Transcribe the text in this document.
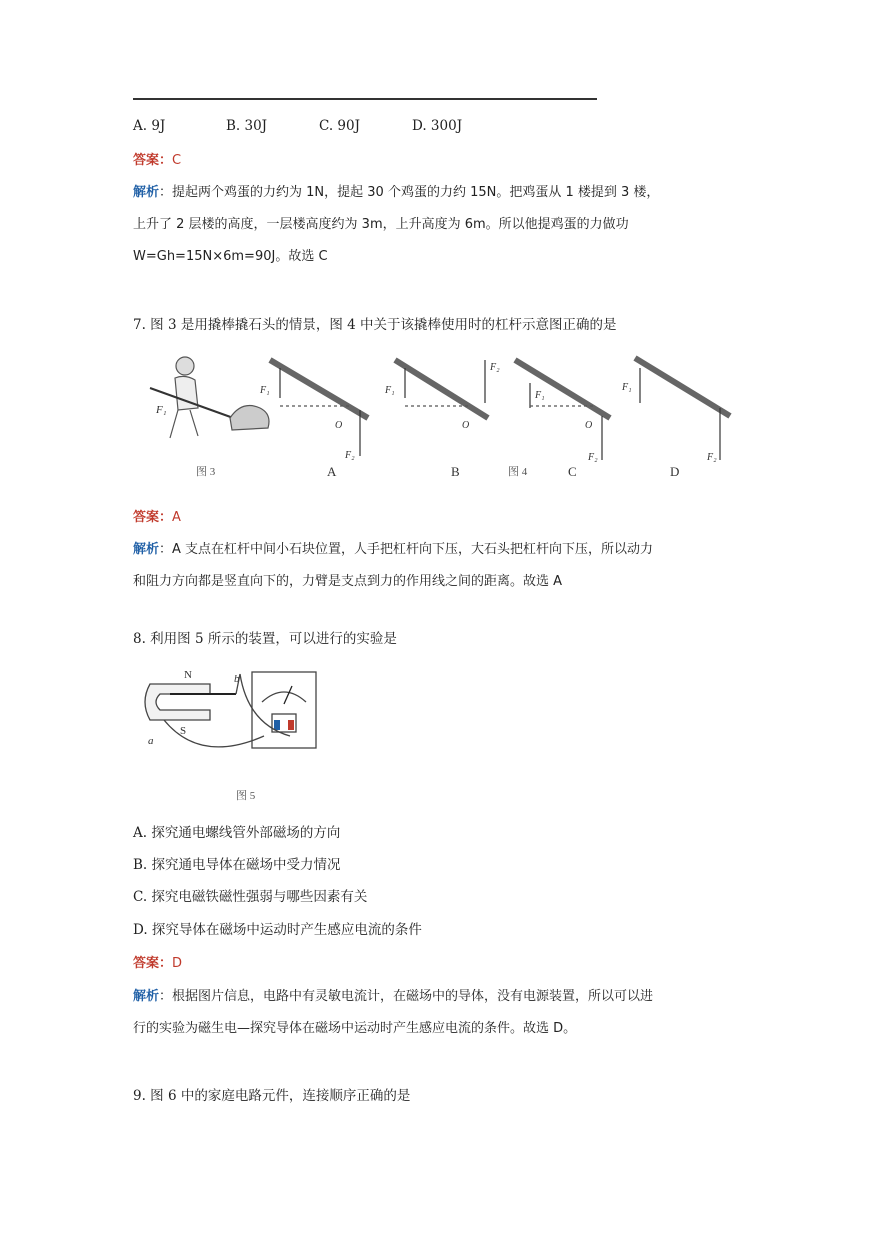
A. 9J	B. 30J	C. 90J	D. 300J
答案：C
解析：提起两个鸡蛋的力约为 1N，提起 30 个鸡蛋的力约 15N。把鸡蛋从 1 楼提到 3 楼，
上升了 2 层楼的高度，一层楼高度约为 3m，上升高度为 6m。所以他提鸡蛋的力做功
W=Gh=15N×6m=90J。故选 C
7. 图 3 是用撬棒撬石头的情景，图 4 中关于该撬棒使用时的杠杆示意图正确的是
F₁
F₁
F₂
O
F₁
F₂
O
F₁
F₂
O
F₁
F₂
图 3	A	B	图 4	C	D
答案：A
解析：A 支点在杠杆中间小石块位置，人手把杠杆向下压，大石头把杠杆向下压，所以动力
和阻力方向都是竖直向下的，力臂是支点到力的作用线之间的距离。故选 A
8. 利用图 5 所示的装置，可以进行的实验是
N
S
b
a
图 5
A. 探究通电螺线管外部磁场的方向
B. 探究通电导体在磁场中受力情况
C. 探究电磁铁磁性强弱与哪些因素有关
D. 探究导体在磁场中运动时产生感应电流的条件
答案：D
解析：根据图片信息，电路中有灵敏电流计，在磁场中的导体，没有电源装置，所以可以进
行的实验为磁生电—探究导体在磁场中运动时产生感应电流的条件。故选 D。
9. 图 6 中的家庭电路元件，连接顺序正确的是
